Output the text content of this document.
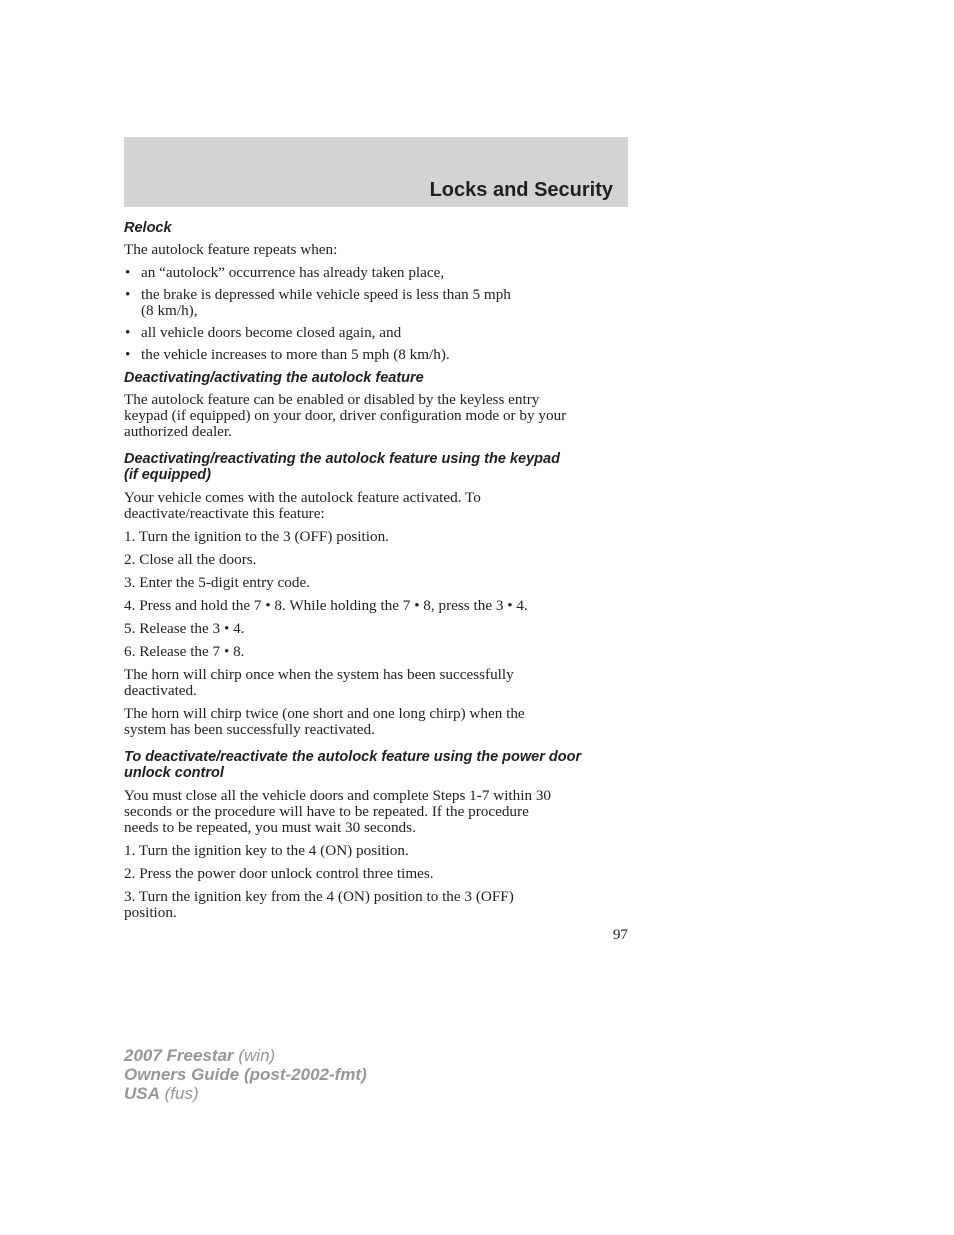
Locks and Security
Relock

The autolock feature repeats when:

• an “autolock” occurrence has already taken place,
• the brake is depressed while vehicle speed is less than 5 mph
(8 km/h),
• all vehicle doors become closed again, and
• the vehicle increases to more than 5 mph (8 km/h).
Deactivating/activating the autolock feature

The autolock feature can be enabled or disabled by the keyless entry
keypad (if equipped) on your door, driver configuration mode or by your
authorized dealer.

Deactivating/reactivating the autolock feature using the keypad
(if equipped)

Your vehicle comes with the autolock feature activated. To
deactivate/reactivate this feature:

1. Turn the ignition to the 3 (OFF) position.
2. Close all the doors.
3. Enter the 5-digit entry code.
4. Press and hold the 7 • 8. While holding the 7 • 8, press the 3 • 4.
5. Release the 3 • 4.
6. Release the 7 • 8.

The horn will chirp once when the system has been successfully
deactivated.

The horn will chirp twice (one short and one long chirp) when the
system has been successfully reactivated.

To deactivate/reactivate the autolock feature using the power door
unlock control

You must close all the vehicle doors and complete Steps 1-7 within 30
seconds or the procedure will have to be repeated. If the procedure
needs to be repeated, you must wait 30 seconds.

1. Turn the ignition key to the 4 (ON) position.
2. Press the power door unlock control three times.
3. Turn the ignition key from the 4 (ON) position to the 3 (OFF)
position.
97
2007 Freestar (win)
Owners Guide (post-2002-fmt)
USA (fus)
